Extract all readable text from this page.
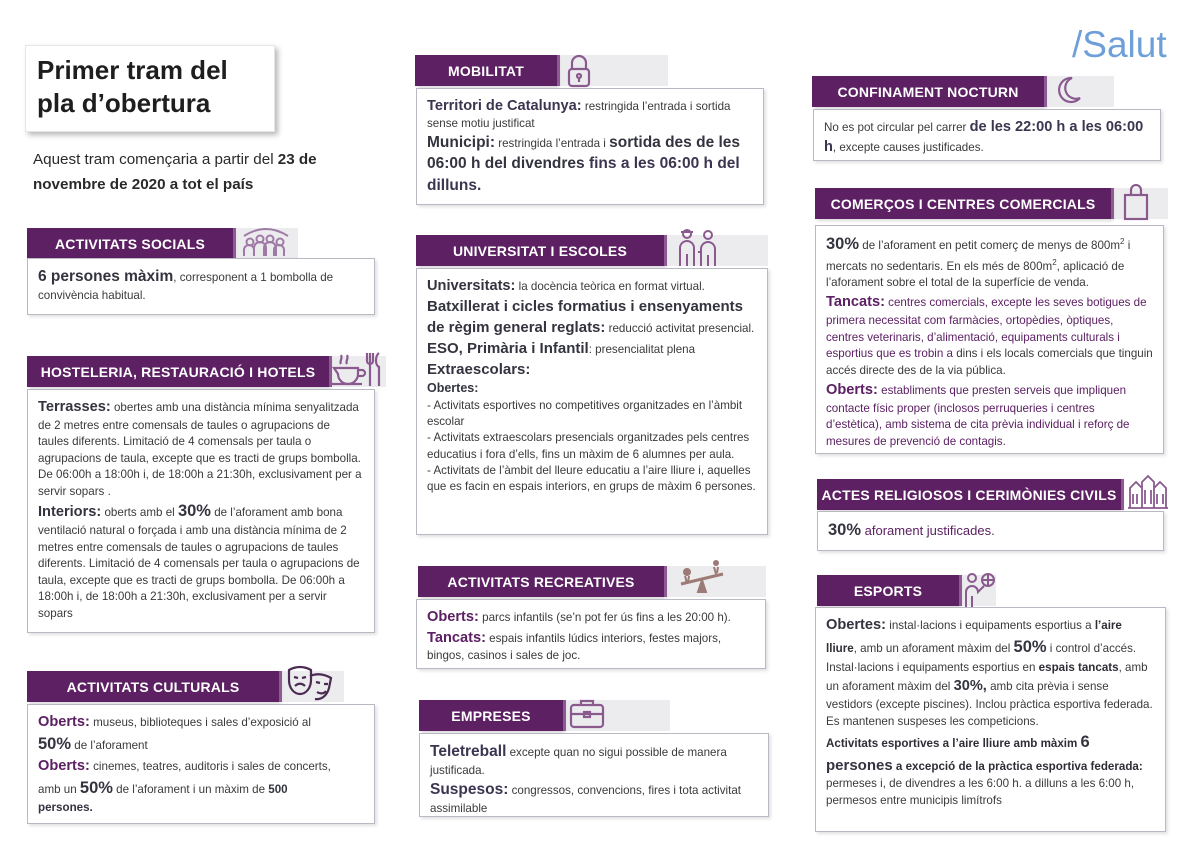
/Salut
Primer tram del
pla d’obertura
Aquest tram començaria a partir del 23 de novembre de 2020 a tot el país
ACTIVITATS SOCIALS
6 persones màxim, corresponent a 1 bombolla de convivència habitual.
HOSTELERIA, RESTAURACIÓ I HOTELS
Terrasses: obertes amb una distància mínima senyalitzada de 2 metres entre comensals de taules o agrupacions de taules diferents. Limitació de 4 comensals per taula o agrupacions de taula, excepte que es tracti de grups bombolla. De 06:00h a 18:00h i, de 18:00h a 21:30h, exclusivament per a servir sopars .
Interiors: oberts amb el 30% de l’aforament amb bona ventilació natural o forçada i amb una distància mínima de 2 metres entre comensals de taules o agrupacions de taules diferents. Limitació de 4 comensals per taula o agrupacions de taula, excepte que es tracti de grups bombolla. De 06:00h a 18:00h i, de 18:00h a 21:30h, exclusivament per a servir sopars
ACTIVITATS CULTURALS
Oberts: museus, biblioteques i sales d’exposició al
50% de l’aforament
Oberts: cinemes, teatres, auditoris i sales de concerts,
amb un 50% de l’aforament i un màxim de 500
persones.
MOBILITAT
Territori de Catalunya: restringida l’entrada i sortida sense motiu justificat
Municipi: restringida l’entrada i sortida des de les 06:00 h del divendres fins a les 06:00 h del dilluns.
UNIVERSITAT I ESCOLES
Universitats: la docència teòrica en format virtual.
Batxillerat i cicles formatius i ensenyaments de règim general reglats: reducció activitat presencial.
ESO, Primària i Infantil: presencialitat plena
Extraescolars:
Obertes:
- Activitats esportives no competitives organitzades en l’àmbit escolar
- Activitats extraescolars presencials organitzades pels centres educatius i fora d’ells, fins un màxim de 6 alumnes per aula.
- Activitats de l’àmbit del lleure educatiu a l’aire lliure i, aquelles que es facin en espais interiors, en grups de màxim 6 persones.
ACTIVITATS RECREATIVES
Oberts: parcs infantils (se’n pot fer ús fins a les 20:00 h).
Tancats: espais infantils lúdics interiors, festes majors, bingos, casinos i sales de joc.
EMPRESES
Teletreball excepte quan no sigui possible de manera justificada.
Suspesos: congressos, convencions, fires i tota activitat assimilable
CONFINAMENT NOCTURN
No es pot circular pel carrer de les 22:00 h a les 06:00 h, excepte causes justificades.
COMERÇOS I CENTRES COMERCIALS
30% de l’aforament en petit comerç de menys de $800m^2$ i mercats no sedentaris. En els més de $800m^2$, aplicació de l’aforament sobre el total de la superfície de venda.
Tancats: centres comercials, excepte les seves botigues de primera necessitat com farmàcies, ortopèdies, òptiques, centres veterinaris, d’alimentació, equipaments culturals i esportius que es trobin a dins i els locals comercials que tinguin accés directe des de la via pública.
Oberts: establiments que presten serveis que impliquen contacte físic proper (inclosos perruqueries i centres d’estètica), amb sistema de cita prèvia individual i reforç de mesures de prevenció de contagis.
ACTES RELIGIOSOS I CERIMÒNIES CIVILS
30% aforament justificades.
ESPORTS
Obertes: instal·lacions i equipaments esportius a l’aire lliure, amb un aforament màxim del 50% i control d’accés. Instal·lacions i equipaments esportius en espais tancats, amb un aforament màxim del 30%, amb cita prèvia i sense vestidors (excepte piscines). Inclou pràctica esportiva federada. Es mantenen suspeses les competicions.
Activitats esportives a l’aire lliure amb màxim 6
persones a excepció de la pràctica esportiva federada: permeses i, de divendres a les 6:00 h. a dilluns a les 6:00 h, permesos entre municipis limítrofs
